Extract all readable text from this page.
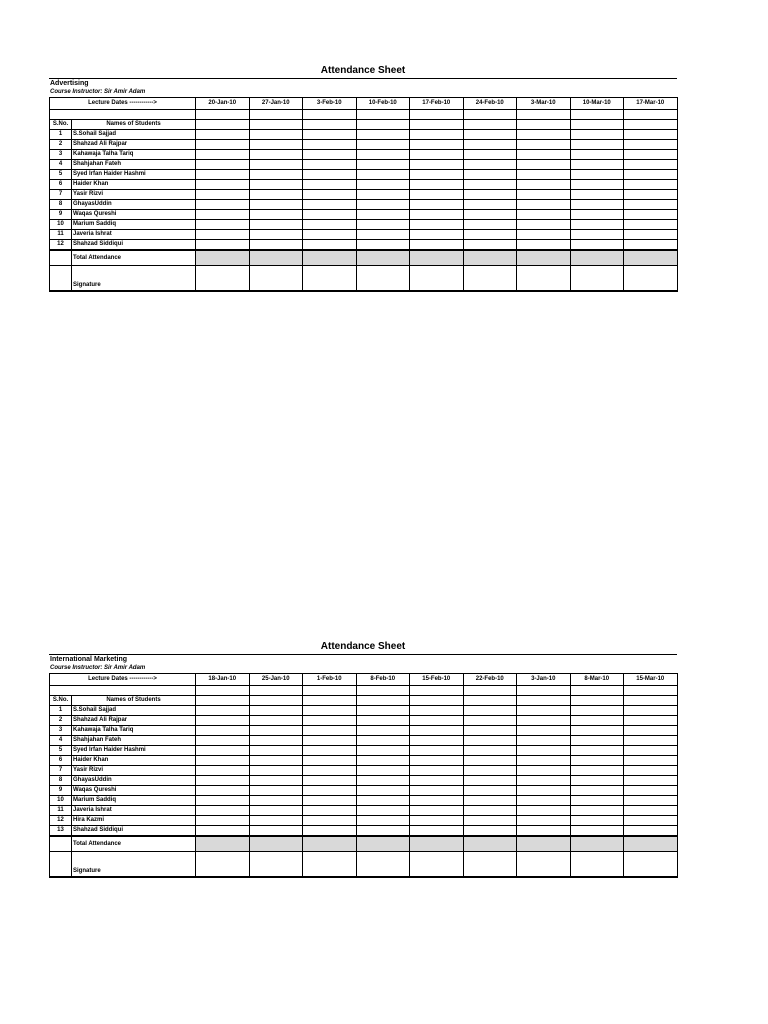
Attendance Sheet
Advertising
Course Instructor: Sir Amir Adam
Lecture Dates ------------>		20-Jan-10	27-Jan-10	3-Feb-10	10-Feb-10	17-Feb-10	24-Feb-10	3-Mar-10	10-Mar-10	17-Mar-10

S.No.	Names of Students									
1	S.Sohail Sajjad									
2	Shahzad Ali Rajpar									
3	Kahawaja Talha Tariq									
4	Shahjahan Fateh									
5	Syed Irfan Haider Hashmi									
6	Haider Khan									
7	Yasir Rizvi									
8	GhayasUddin									
9	Waqas Qureshi									
10	Marium Saddiq									
11	Javeria Ishrat									
12	Shahzad Siddiqui									
	Total Attendance									
	Signature									
Attendance Sheet
International Marketing
Course Instructor: Sir Amir Adam
Lecture Dates ------------>		18-Jan-10	25-Jan-10	1-Feb-10	8-Feb-10	15-Feb-10	22-Feb-10	3-Jan-10	8-Mar-10	15-Mar-10

S.No.	Names of Students									
1	S.Sohail Sajjad									
2	Shahzad Ali Rajpar									
3	Kahawaja Talha Tariq									
4	Shahjahan Fateh									
5	Syed Irfan Haider Hashmi									
6	Haider Khan									
7	Yasir Rizvi									
8	GhayasUddin									
9	Waqas Qureshi									
10	Marium Saddiq									
11	Javeria Ishrat									
12	Hira Kazmi									
13	Shahzad Siddiqui									
	Total Attendance									
	Signature									
